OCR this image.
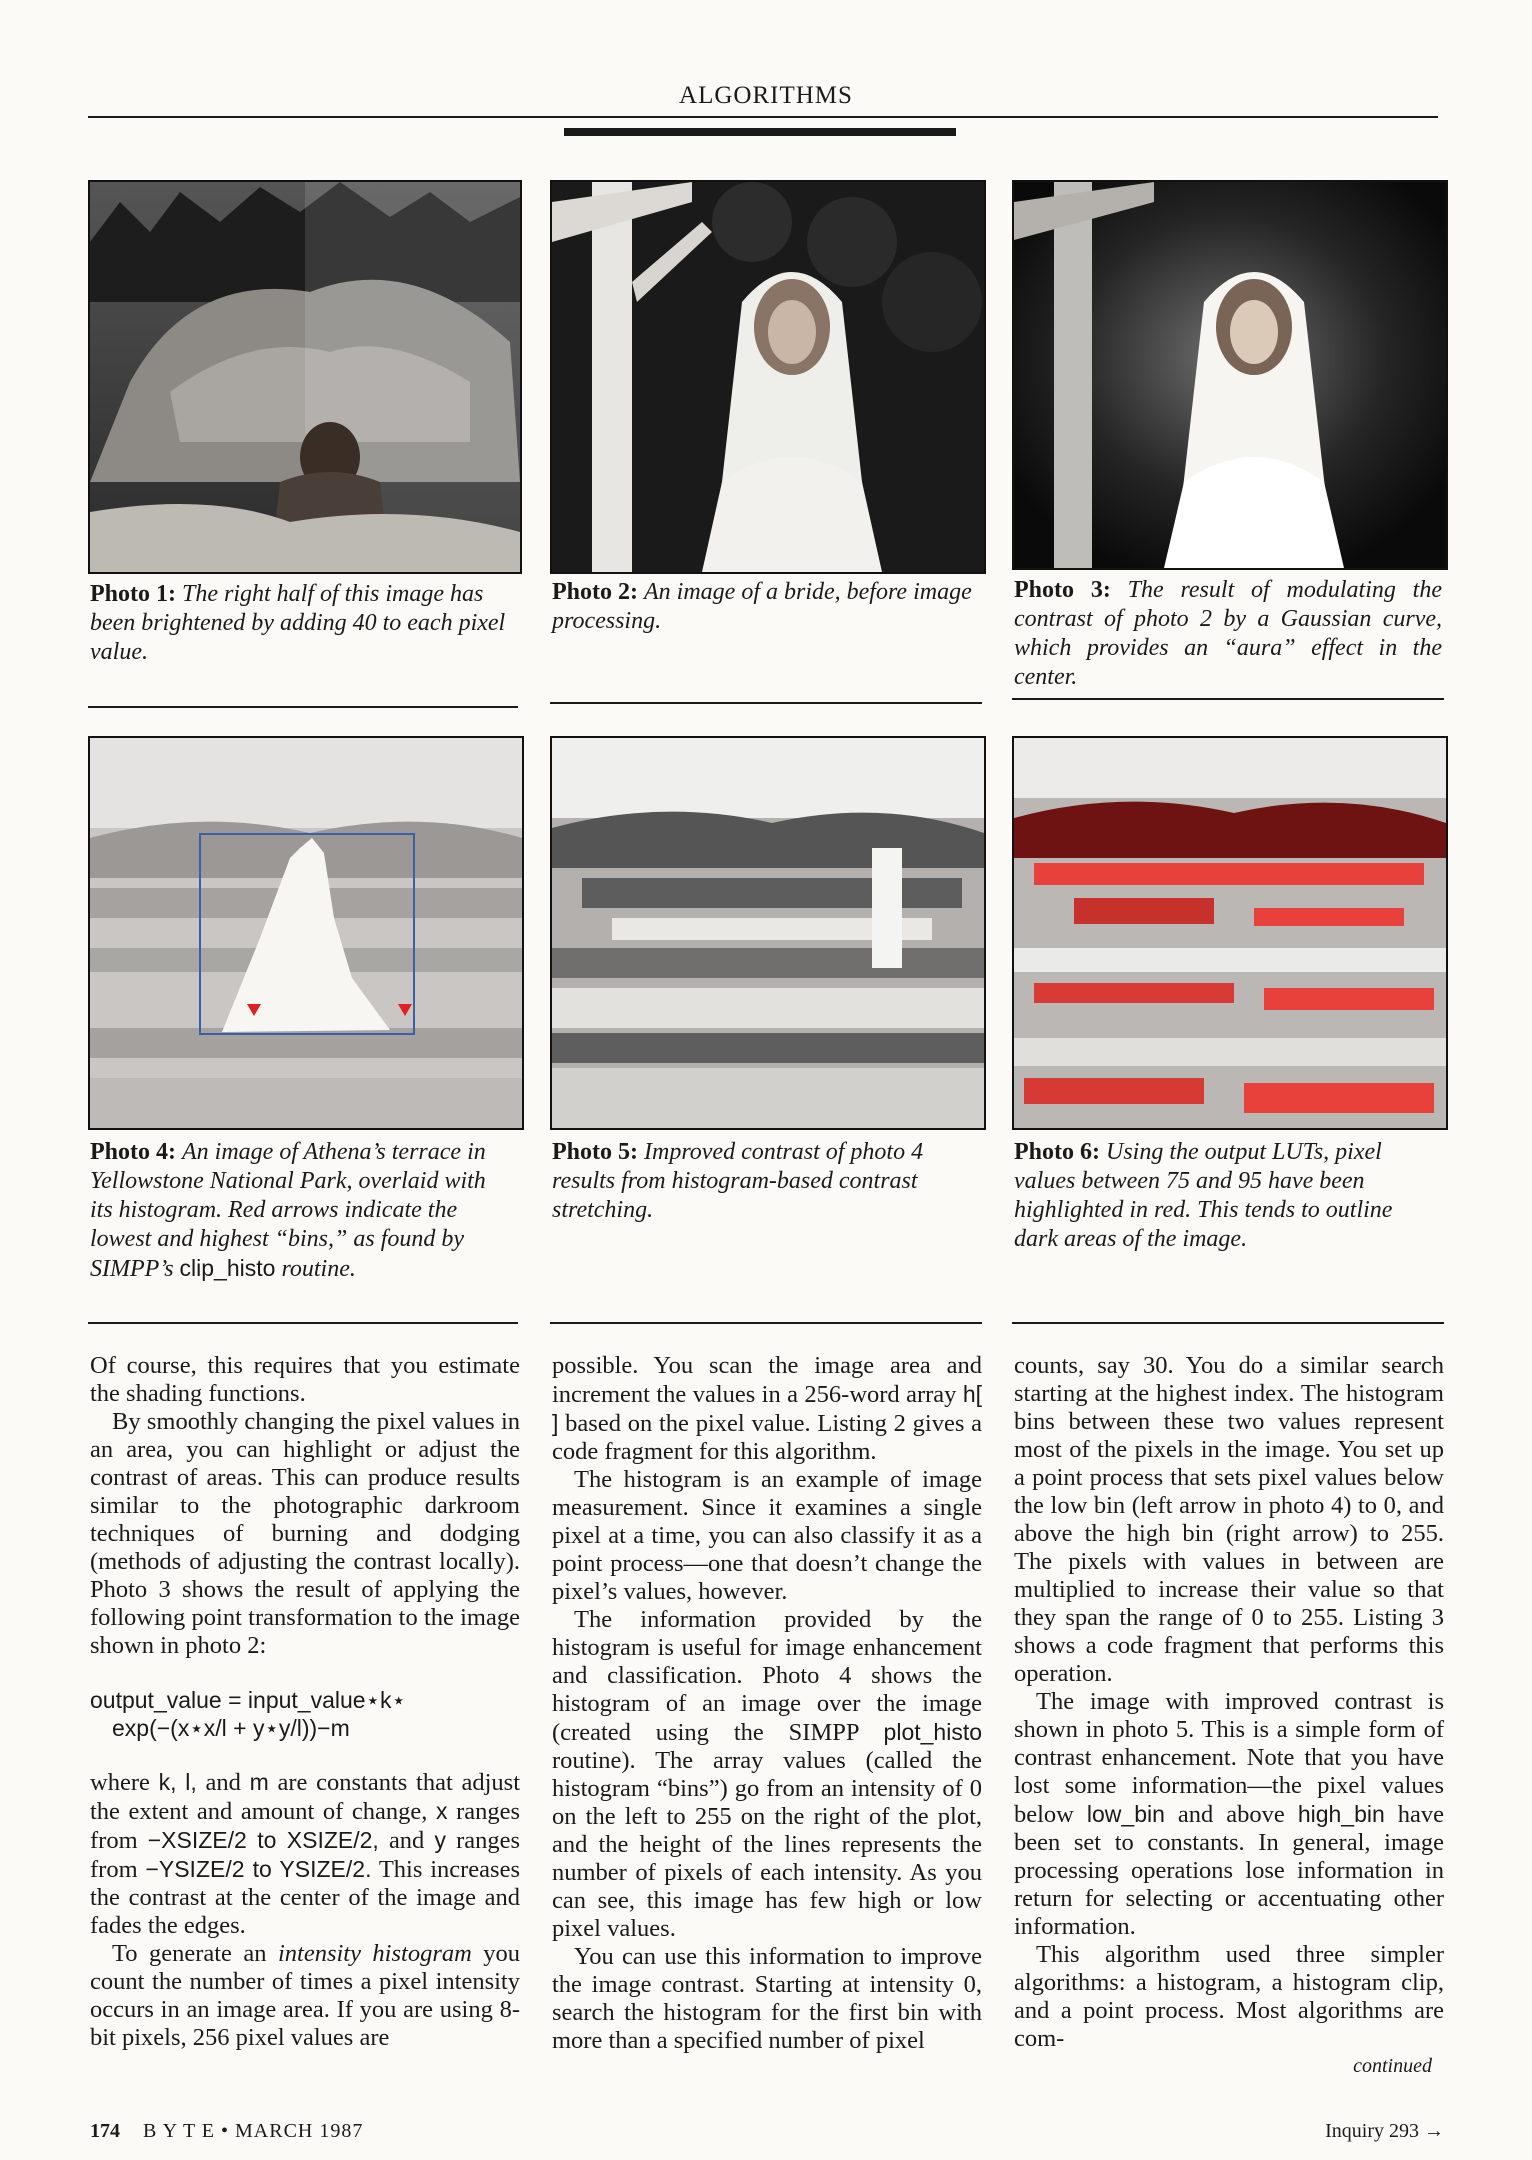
ALGORITHMS
Photo 1: The right half of this image has been brightened by adding 40 to each pixel value.
Photo 2: An image of a bride, before image processing.
Photo 3: The result of modulating the contrast of photo 2 by a Gaussian curve, which provides an “aura” effect in the center.
Photo 4: An image of Athena’s terrace in Yellowstone National Park, overlaid with its histogram. Red arrows indicate the lowest and highest “bins,” as found by SIMPP’s clip_histo routine.
Photo 5: Improved contrast of photo 4 results from histogram-based contrast stretching.
Photo 6: Using the output LUTs, pixel values between 75 and 95 have been highlighted in red. This tends to outline dark areas of the image.

Of course, this requires that you estimate the shading functions.

By smoothly changing the pixel values in an area, you can highlight or adjust the contrast of areas. This can produce results similar to the photographic darkroom techniques of burning and dodging (methods of adjusting the contrast locally). Photo 3 shows the result of applying the following point transformation to the image shown in photo 2:

output_value = input_value⋆k⋆
exp(−(x⋆x/l + y⋆y/l))−m

where k, l, and m are constants that adjust the extent and amount of change, x ranges from −XSIZE/2 to XSIZE/2, and y ranges from −YSIZE/2 to YSIZE/2. This increases the contrast at the center of the image and fades the edges.

To generate an intensity histogram you count the number of times a pixel intensity occurs in an image area. If you are using 8-bit pixels, 256 pixel values are

possible. You scan the image area and increment the values in a 256-word array h[ ] based on the pixel value. Listing 2 gives a code fragment for this algorithm.

The histogram is an example of image measurement. Since it examines a single pixel at a time, you can also classify it as a point process—one that doesn’t change the pixel’s values, however.

The information provided by the histogram is useful for image enhancement and classification. Photo 4 shows the histogram of an image over the image (created using the SIMPP plot_histo routine). The array values (called the histogram “bins”) go from an intensity of 0 on the left to 255 on the right of the plot, and the height of the lines represents the number of pixels of each intensity. As you can see, this image has few high or low pixel values.

You can use this information to improve the image contrast. Starting at intensity 0, search the histogram for the first bin with more than a specified number of pixel

counts, say 30. You do a similar search starting at the highest index. The histogram bins between these two values represent most of the pixels in the image. You set up a point process that sets pixel values below the low bin (left arrow in photo 4) to 0, and above the high bin (right arrow) to 255. The pixels with values in between are multiplied to increase their value so that they span the range of 0 to 255. Listing 3 shows a code fragment that performs this operation.

The image with improved contrast is shown in photo 5. This is a simple form of contrast enhancement. Note that you have lost some information—the pixel values below low_bin and above high_bin have been set to constants. In general, image processing operations lose information in return for selecting or accentuating other information.

This algorithm used three simpler algorithms: a histogram, a histogram clip, and a point process. Most algorithms are com-

continued

174 B Y T E • MARCH 1987	Inquiry 293 →
